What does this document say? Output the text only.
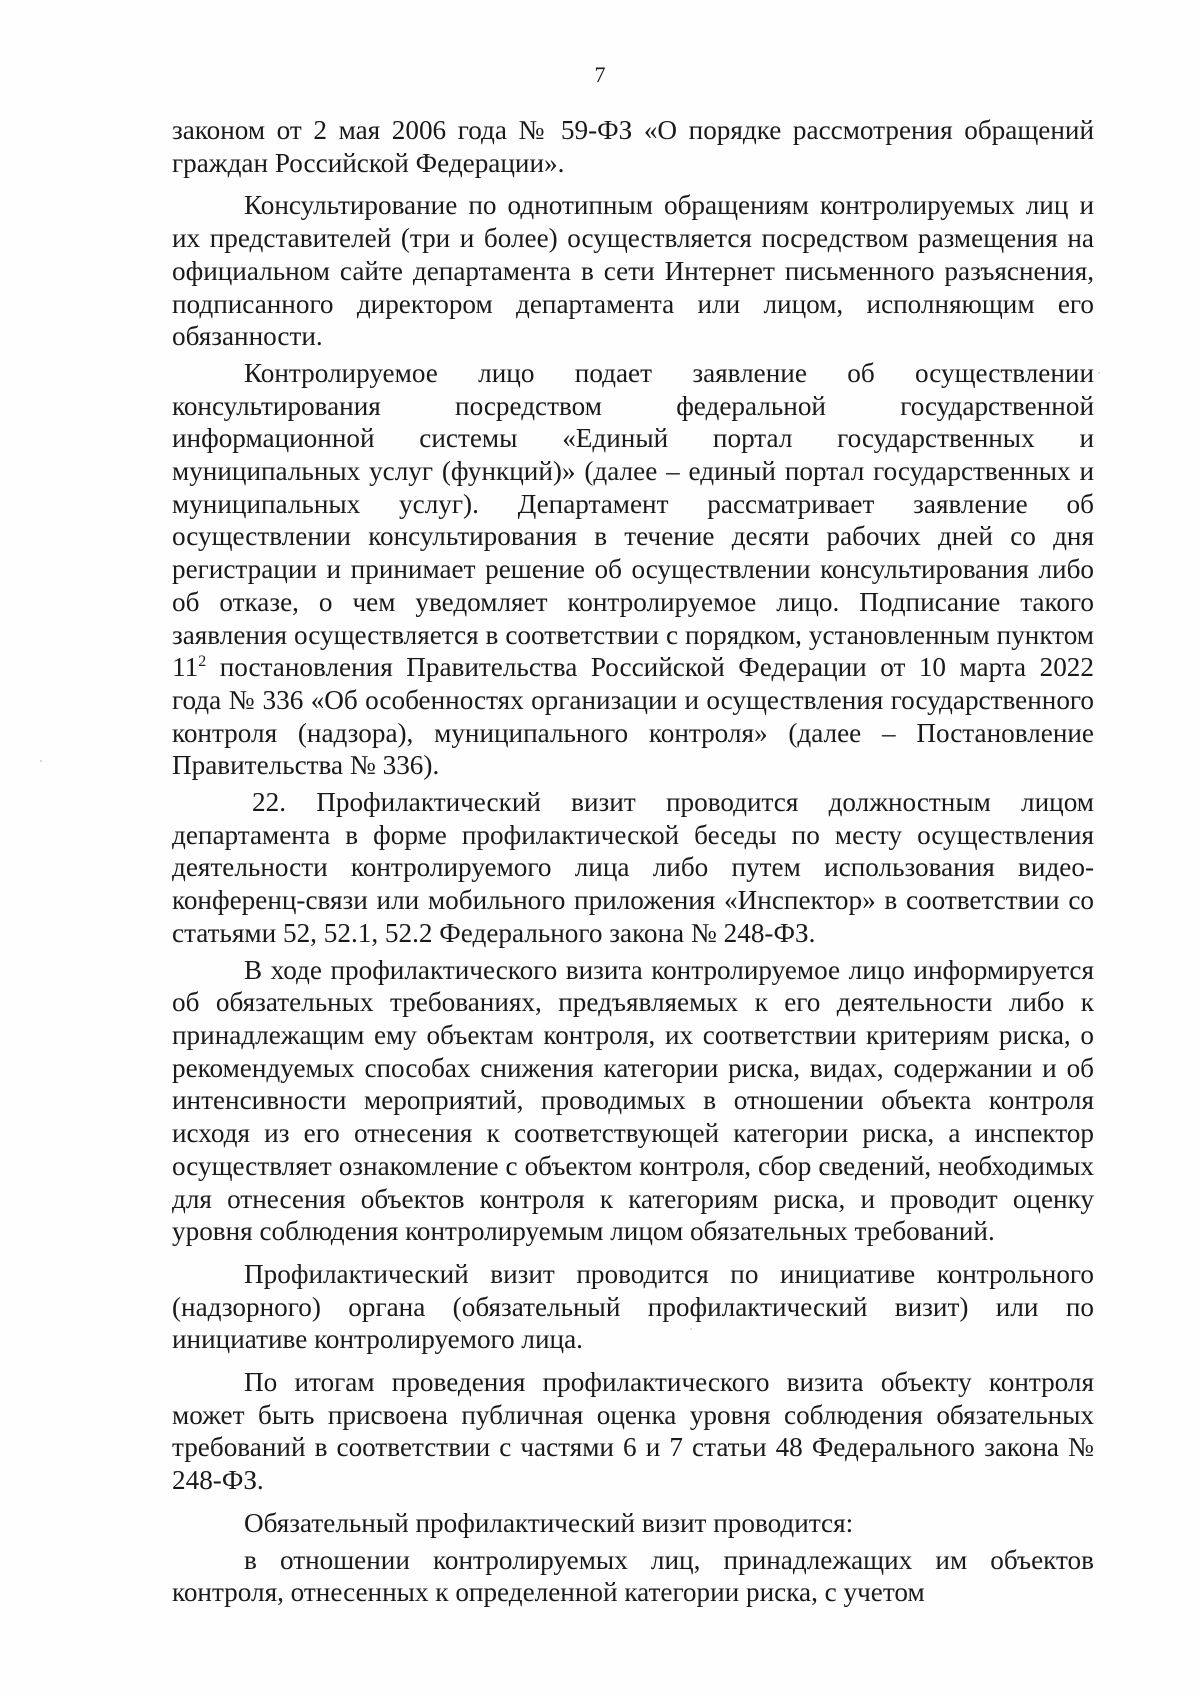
7

законом от 2 мая 2006 года № 59-ФЗ «О порядке рассмотрения обращений граждан Российской Федерации».

Консультирование по однотипным обращениям контролируемых лиц и их представителей (три и более) осуществляется посредством размещения на официальном сайте департамента в сети Интернет письменного разъяснения, подписанного директором департамента или лицом, исполняющим его обязанности.

Контролируемое лицо подает заявление об осуществлении консультирования посредством федеральной государственной информационной системы «Единый портал государственных и муниципальных услуг (функций)» (далее – единый портал государственных и муниципальных услуг). Департамент рассматривает заявление об осуществлении консультирования в течение десяти рабочих дней со дня регистрации и принимает решение об осуществлении консультирования либо об отказе, о чем уведомляет контролируемое лицо. Подписание такого заявления осуществляется в соответствии с порядком, установленным пунктом $11^2$ постановления Правительства Российской Федерации от 10 марта 2022 года № 336 «Об особенностях организации и осуществления государственного контроля (надзора), муниципального контроля» (далее – Постановление Правительства № 336).

22. Профилактический визит проводится должностным лицом департамента в форме профилактической беседы по месту осуществления деятельности контролируемого лица либо путем использования видео-конференц-связи или мобильного приложения «Инспектор» в соответствии со статьями 52, 52.1, 52.2 Федерального закона № 248-ФЗ.

В ходе профилактического визита контролируемое лицо информируется об обязательных требованиях, предъявляемых к его деятельности либо к принадлежащим ему объектам контроля, их соответствии критериям риска, о рекомендуемых способах снижения категории риска, видах, содержании и об интенсивности мероприятий, проводимых в отношении объекта контроля исходя из его отнесения к соответствующей категории риска, а инспектор осуществляет ознакомление с объектом контроля, сбор сведений, необходимых для отнесения объектов контроля к категориям риска, и проводит оценку уровня соблюдения контролируемым лицом обязательных требований.

Профилактический визит проводится по инициативе контрольного (надзорного) органа (обязательный профилактический визит) или по инициативе контролируемого лица.

По итогам проведения профилактического визита объекту контроля может быть присвоена публичная оценка уровня соблюдения обязательных требований в соответствии с частями 6 и 7 статьи 48 Федерального закона № 248-ФЗ.

Обязательный профилактический визит проводится:

в отношении контролируемых лиц, принадлежащих им объектов контроля, отнесенных к определенной категории риска, с учетом
